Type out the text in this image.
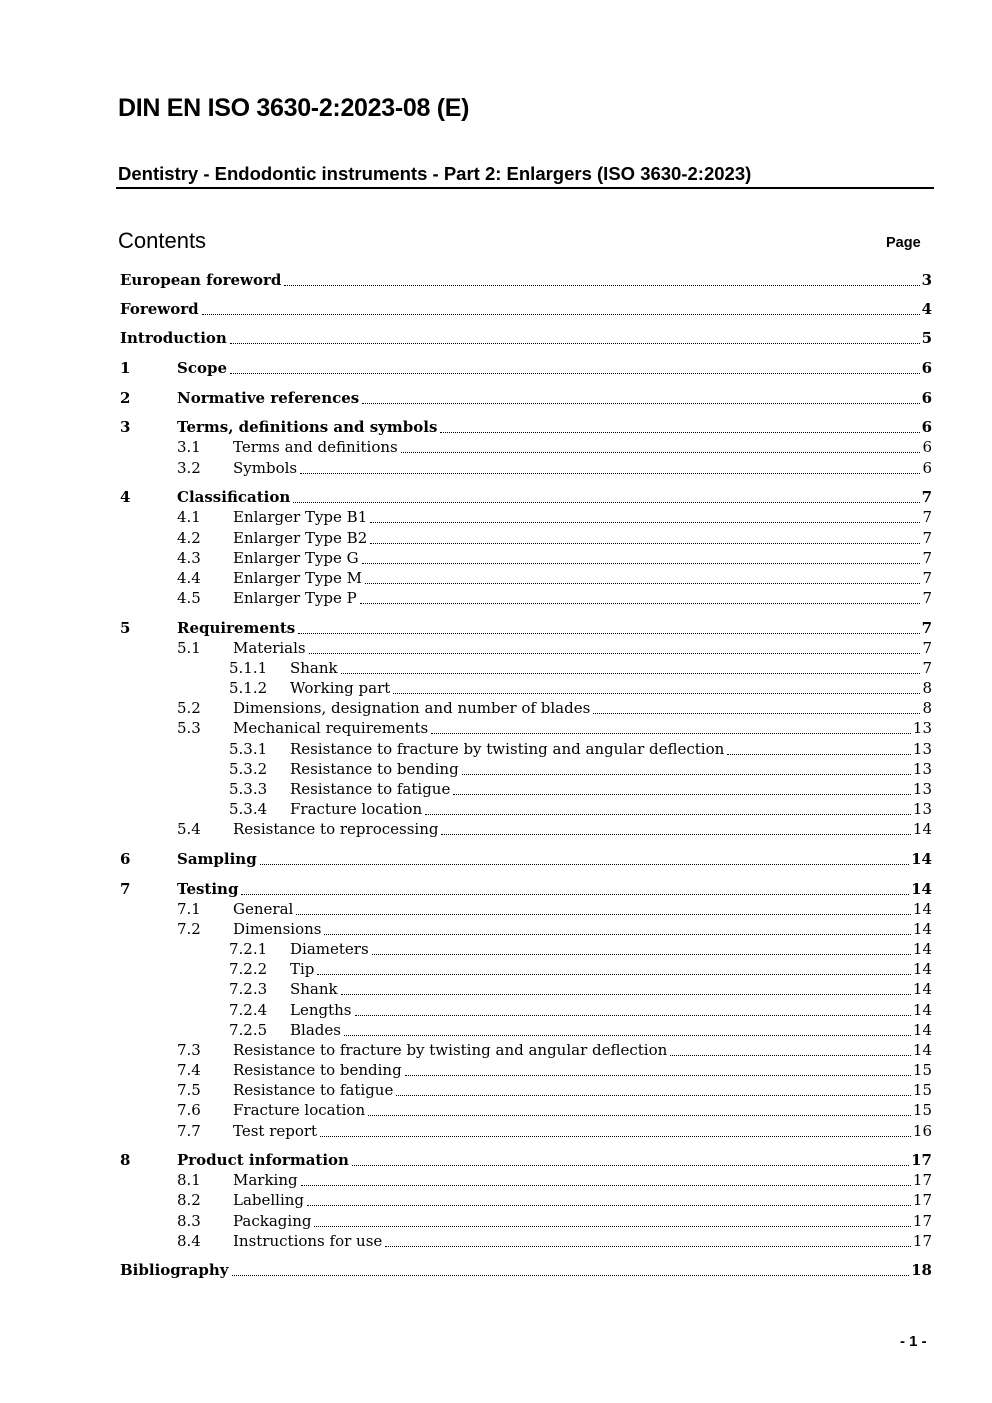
DIN EN ISO 3630-2:2023-08 (E)
Dentistry - Endodontic instruments - Part 2: Enlargers (ISO 3630-2:2023)
Contents	Page
European foreword	3
Foreword	4
Introduction	5
1	Scope	6
2	Normative references	6
3	Terms, definitions and symbols	6
3.1 Terms and definitions	6
3.2 Symbols	6
4	Classification	7
4.1 Enlarger Type B1	7
4.2 Enlarger Type B2	7
4.3 Enlarger Type G	7
4.4 Enlarger Type M	7
4.5 Enlarger Type P	7
5	Requirements	7
5.1 Materials	7
5.1.1 Shank	7
5.1.2 Working part	8
5.2 Dimensions, designation and number of blades	8
5.3 Mechanical requirements	13
5.3.1 Resistance to fracture by twisting and angular deflection	13
5.3.2 Resistance to bending	13
5.3.3 Resistance to fatigue	13
5.3.4 Fracture location	13
5.4 Resistance to reprocessing	14
6	Sampling	14
7	Testing	14
7.1 General	14
7.2 Dimensions	14
7.2.1 Diameters	14
7.2.2 Tip	14
7.2.3 Shank	14
7.2.4 Lengths	14
7.2.5 Blades	14
7.3 Resistance to fracture by twisting and angular deflection	14
7.4 Resistance to bending	15
7.5 Resistance to fatigue	15
7.6 Fracture location	15
7.7 Test report	16
8	Product information	17
8.1 Marking	17
8.2 Labelling	17
8.3 Packaging	17
8.4 Instructions for use	17
Bibliography	18
- 1 -
